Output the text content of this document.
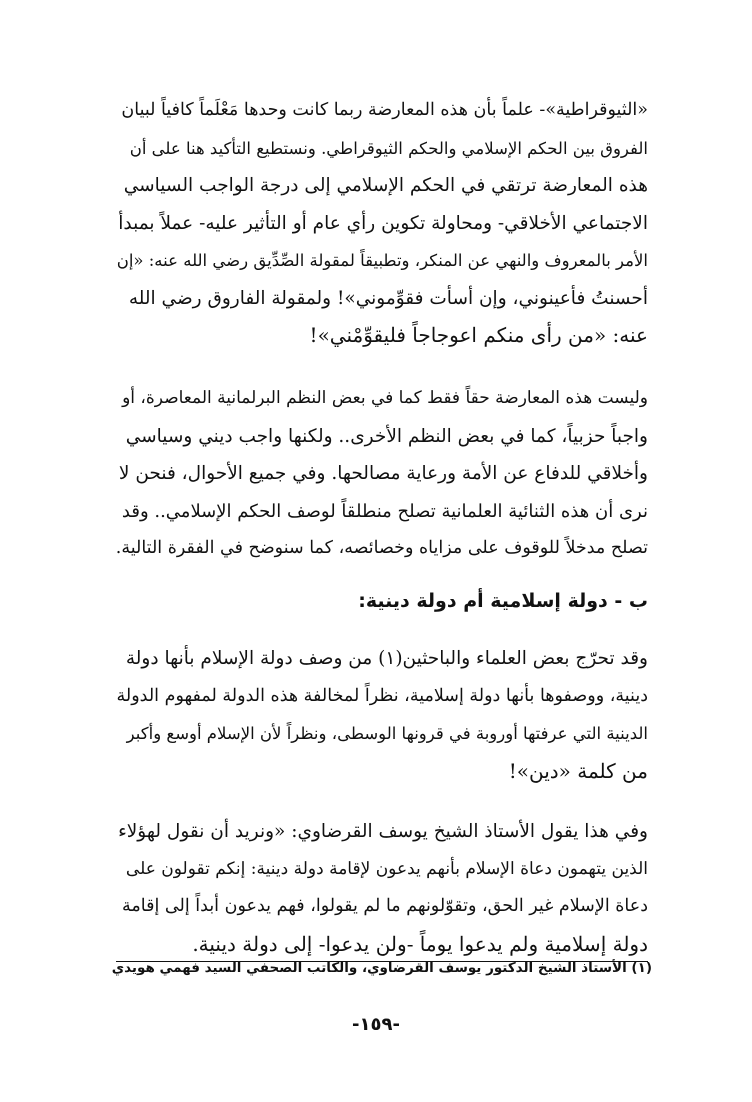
«الثيوقراطية»- علماً بأن هذه المعارضة ربما كانت وحدها مَعْلَماً كافياً لبيان
الفروق بين الحكم الإسلامي والحكم الثيوقراطي. ونستطيع التأكيد هنا على أن
هذه المعارضة ترتقي في الحكم الإسلامي إلى درجة الواجب السياسي
الاجتماعي الأخلاقي- ومحاولة تكوين رأي عام أو التأثير عليه- عملاً بمبدأ
الأمر بالمعروف والنهي عن المنكر، وتطبيقاً لمقولة الصِّدِّيق رضي الله عنه: «إن
أحسنتُ فأعينوني، وإن أسأت فقوِّموني»! ولمقولة الفاروق رضي الله
عنه: «من رأى منكم اعوجاجاً فليقوِّمْني»!
وليست هذه المعارضة حقاً فقط كما في بعض النظم البرلمانية المعاصرة، أو
واجباً حزبياً، كما في بعض النظم الأخرى.. ولكنها واجب ديني وسياسي
وأخلاقي للدفاع عن الأمة ورعاية مصالحها. وفي جميع الأحوال، فنحن لا
نرى أن هذه الثنائية العلمانية تصلح منطلقاً لوصف الحكم الإسلامي.. وقد
تصلح مدخلاً للوقوف على مزاياه وخصائصه، كما سنوضح في الفقرة التالية.
ب - دولة إسلامية أم دولة دينية:
وقد تحرّج بعض العلماء والباحثين(١) من وصف دولة الإسلام بأنها دولة
دينية، ووصفوها بأنها دولة إسلامية، نظراً لمخالفة هذه الدولة لمفهوم الدولة
الدينية التي عرفتها أوروبة في قرونها الوسطى، ونظراً لأن الإسلام أوسع وأكبر
من كلمة «دين»!
وفي هذا يقول الأستاذ الشيخ يوسف القرضاوي: «ونريد أن نقول لهؤلاء
الذين يتهمون دعاة الإسلام بأنهم يدعون لإقامة دولة دينية: إنكم تقولون على
دعاة الإسلام غير الحق، وتقوّلونهم ما لم يقولوا، فهم يدعون أبداً إلى إقامة
دولة إسلامية ولم يدعوا يوماً -ولن يدعوا- إلى دولة دينية.
(١) الأستاذ الشيخ الدكتور يوسف القرضاوي، والكاتب الصحفي السيد فهمي هويدي
-١٥٩-
